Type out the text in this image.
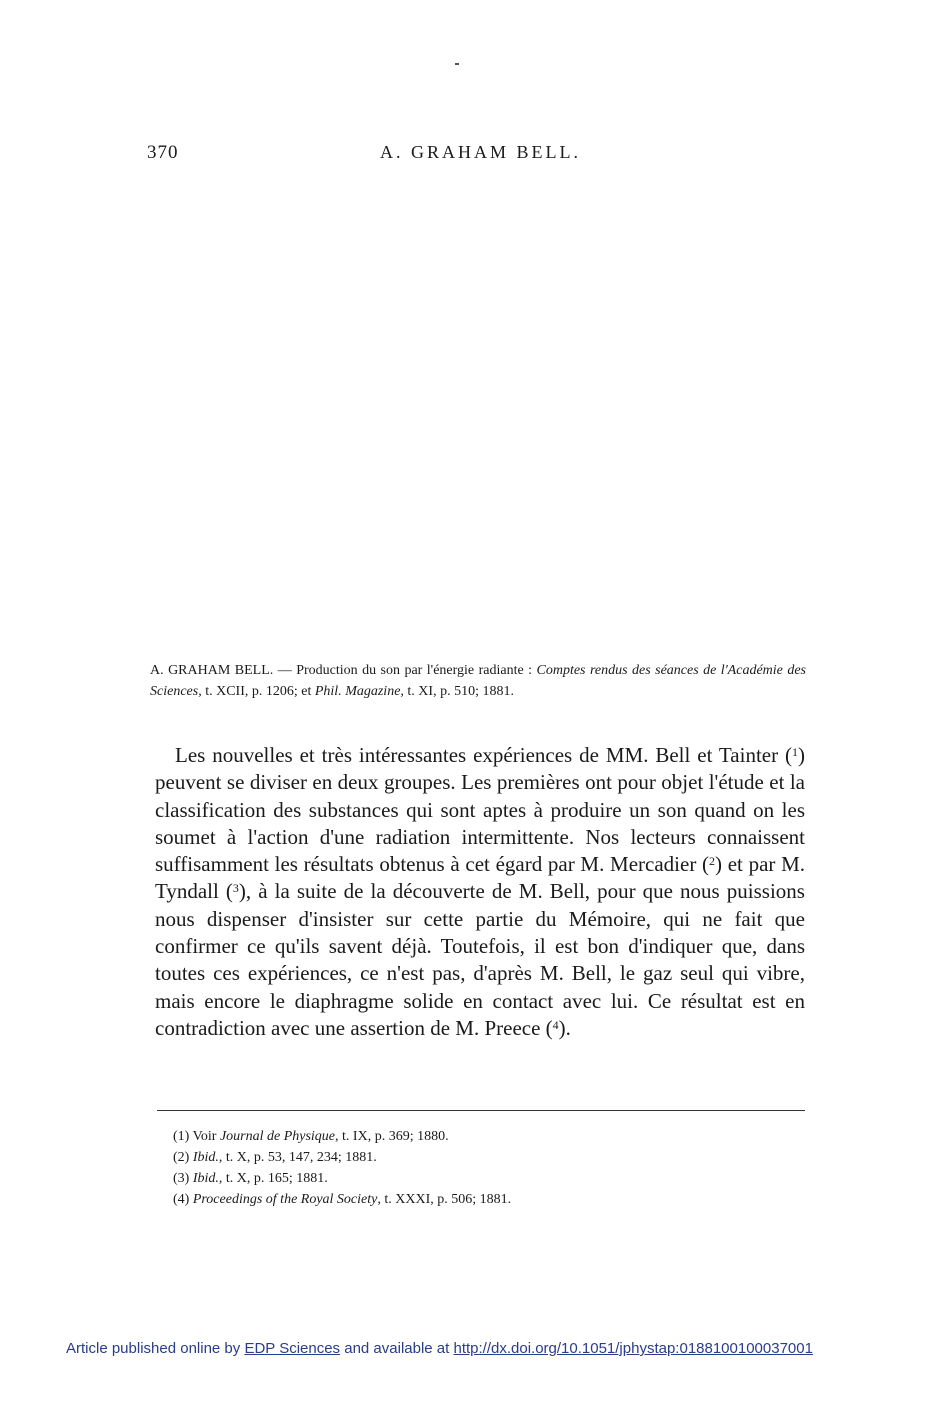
370	A. GRAHAM BELL.
A. GRAHAM BELL. — Production du son par l'énergie radiante : Comptes rendus des séances de l'Académie des Sciences, t. XCII, p. 1206; et Phil. Magazine, t. XI, p. 510; 1881.
Les nouvelles et très intéressantes expériences de MM. Bell et Tainter ($^1$) peuvent se diviser en deux groupes. Les premières ont pour objet l'étude et la classification des substances qui sont aptes à produire un son quand on les soumet à l'action d'une radiation intermittente. Nos lecteurs connaissent suffisamment les résultats obtenus à cet égard par M. Mercadier ($^2$) et par M. Tyndall ($^3$), à la suite de la découverte de M. Bell, pour que nous puissions nous dispenser d'insister sur cette partie du Mémoire, qui ne fait que confirmer ce qu'ils savent déjà. Toutefois, il est bon d'indiquer que, dans toutes ces expériences, ce n'est pas, d'après M. Bell, le gaz seul qui vibre, mais encore le diaphragme solide en contact avec lui. Ce résultat est en contradiction avec une assertion de M. Preece ($^4$).
(1) Voir Journal de Physique, t. IX, p. 369; 1880.
(2) Ibid., t. X, p. 53, 147, 234; 1881.
(3) Ibid., t. X, p. 165; 1881.
(4) Proceedings of the Royal Society, t. XXXI, p. 506; 1881.
Article published online by EDP Sciences and available at http://dx.doi.org/10.1051/jphystap:0188100100037001
